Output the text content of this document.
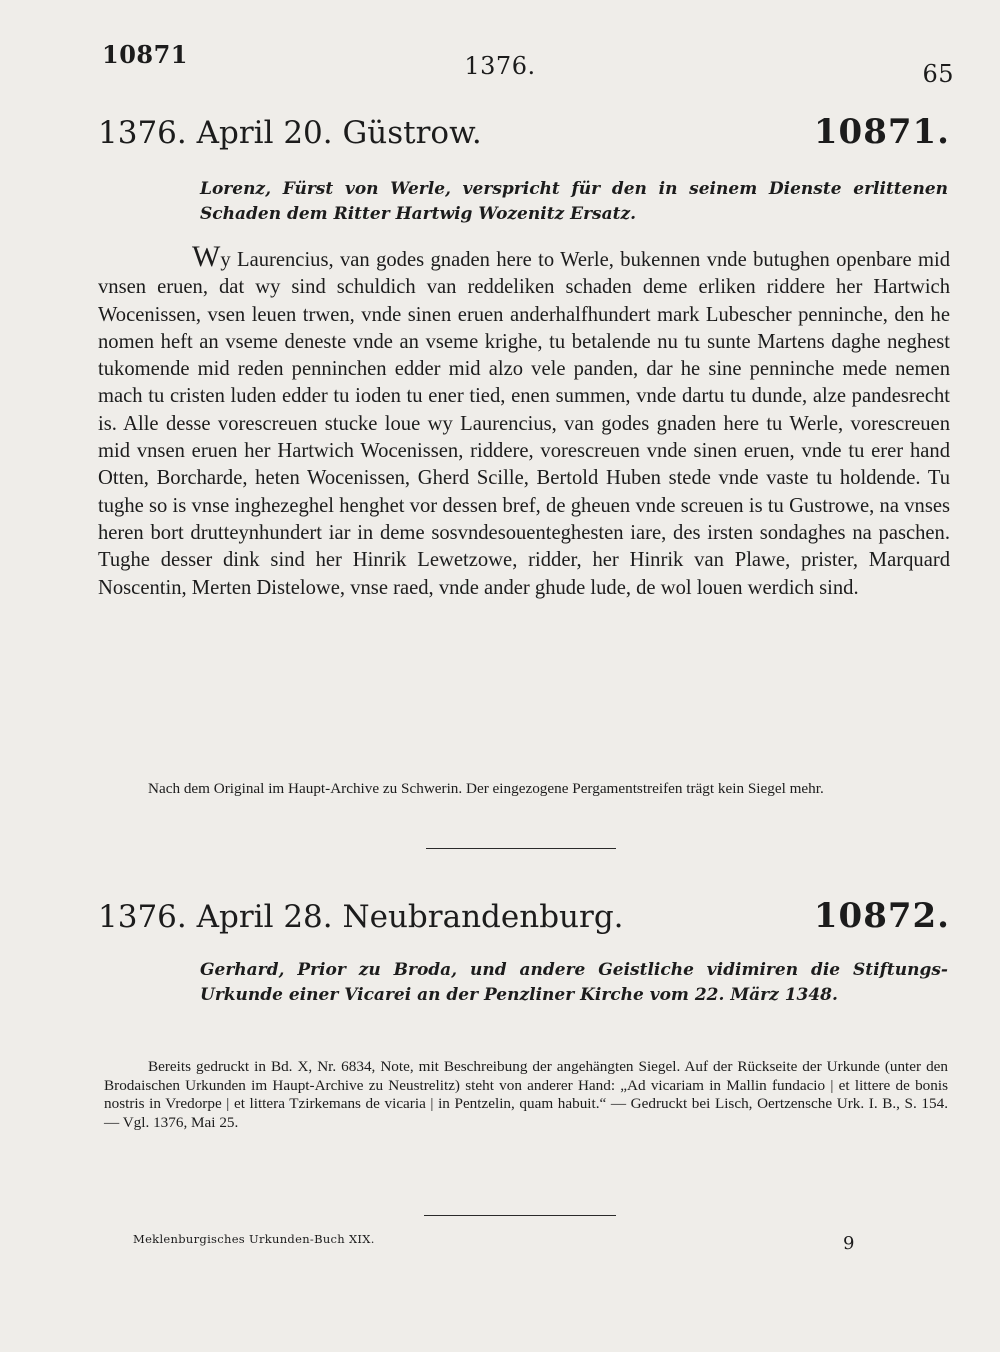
10871	1376.	65
1376. April 20. Güstrow.	10871.
Lorenz, Fürst von Werle, verspricht für den in seinem Dienste erlittenen Schaden dem Ritter Hartwig Wozenitz Ersatz.
Wy Laurencius, van godes gnaden here to Werle, bukennen vnde butughen openbare mid vnsen eruen, dat wy sind schuldich van reddeliken schaden deme erliken riddere her Hartwich Wocenissen, vsen leuen trwen, vnde sinen eruen anderhalfhundert mark Lubescher penninche, den he nomen heft an vseme deneste vnde an vseme krighe, tu betalende nu tu sunte Martens daghe neghest tukomende mid reden penninchen edder mid alzo vele panden, dar he sine penninche mede nemen mach tu cristen luden edder tu ioden tu ener tied, enen summen, vnde dartu tu dunde, alze pandesrecht is. Alle desse vorescreuen stucke loue wy Laurencius, van godes gnaden here tu Werle, vorescreuen mid vnsen eruen her Hartwich Wocenissen, riddere, vorescreuen vnde sinen eruen, vnde tu erer hand Otten, Borcharde, heten Wocenissen, Gherd Scille, Bertold Huben stede vnde vaste tu holdende. Tu tughe so is vnse inghezeghel henghet vor dessen bref, de gheuen vnde screuen is tu Gustrowe, na vnses heren bort drutteynhundert iar in deme sosvndesouenteghesten iare, des irsten sondaghes na paschen. Tughe desser dink sind her Hinrik Lewetzowe, ridder, her Hinrik van Plawe, prister, Marquard Noscentin, Merten Distelowe, vnse raed, vnde ander ghude lude, de wol louen werdich sind.

Nach dem Original im Haupt-Archive zu Schwerin. Der eingezogene Pergamentstreifen trägt kein Siegel mehr.

1376. April 28. Neubrandenburg.	10872.
Gerhard, Prior zu Broda, und andere Geistliche vidimiren die Stiftungs-Urkunde einer Vicarei an der Penzliner Kirche vom 22. März 1348.

Bereits gedruckt in Bd. X, Nr. 6834, Note, mit Beschreibung der angehängten Siegel. Auf der Rückseite der Urkunde (unter den Brodaischen Urkunden im Haupt-Archive zu Neustrelitz) steht von anderer Hand: „Ad vicariam in Mallin fundacio | et littere de bonis nostris in Vredorpe | et littera Tzirkemans de vicaria | in Pentzelin, quam habuit.“ — Gedruckt bei Lisch, Oertzensche Urk. I. B., S. 154. — Vgl. 1376, Mai 25.

Meklenburgisches Urkunden-Buch XIX.	9
